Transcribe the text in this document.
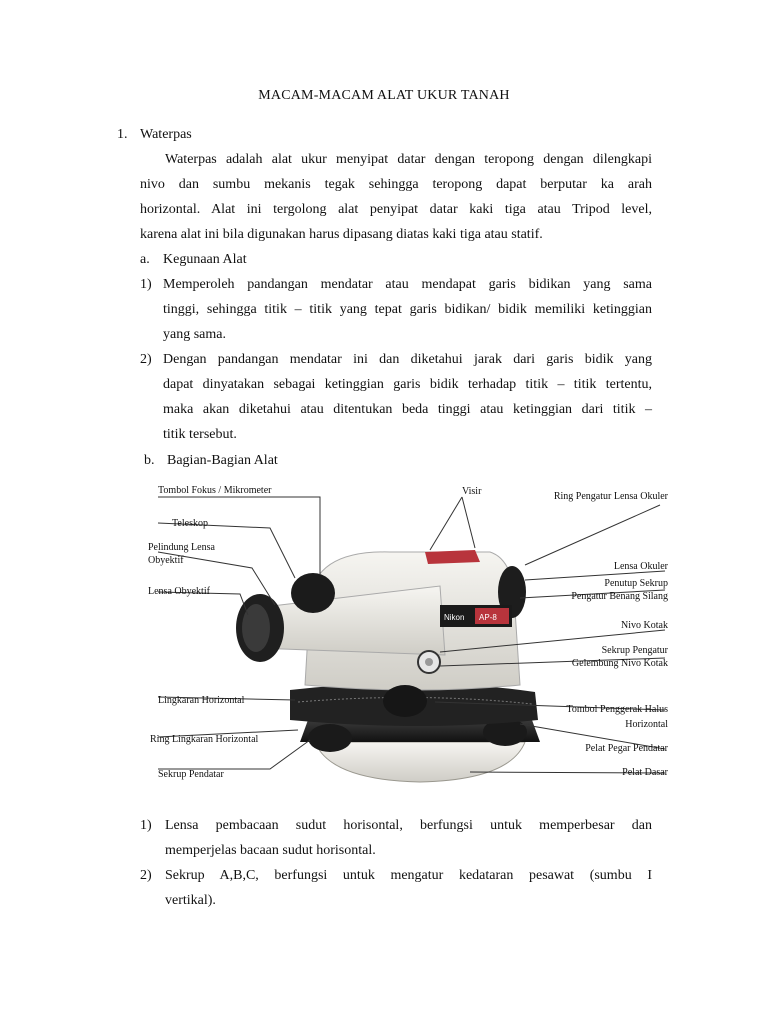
MACAM-MACAM ALAT UKUR TANAH
1. Waterpas
Waterpas adalah alat ukur menyipat datar dengan teropong dengan dilengkapi
nivo dan sumbu mekanis tegak sehingga teropong dapat berputar ka arah
horizontal. Alat ini tergolong alat penyipat datar kaki tiga atau Tripod level,
karena alat ini bila digunakan harus dipasang diatas kaki tiga atau statif.
a. Kegunaan Alat
1) Memperoleh pandangan mendatar atau mendapat garis bidikan yang sama
tinggi, sehingga titik – titik yang tepat garis bidikan/ bidik memiliki ketinggian
yang sama.
2) Dengan pandangan mendatar ini dan diketahui jarak dari garis bidik yang
dapat dinyatakan sebagai ketinggian garis bidik terhadap titik – titik tertentu,
maka akan diketahui atau ditentukan beda tinggi atau ketinggian dari titik –
titik tersebut.
b. Bagian-Bagian Alat
Nikon AP-8
Tombol Fokus / Mikrometer
Teleskop
Pelindung Lensa
Obyektif
Lensa Obyektif
Lingkaran Horizontal
Ring Lingkaran Horizontal
Sekrup Pendatar
Visir	Ring Pengatur Lensa Okuler
Lensa Okuler
Penutup Sekrup
Pengatur Benang Silang
Nivo Kotak
Sekrup Pengatur
Gelembung Nivo Kotak
Tombol Penggerak Halus
Horizontal
Pelat Pegar Pendatar
Pelat Dasar
1) Lensa pembacaan sudut horisontal, berfungsi untuk memperbesar dan
memperjelas bacaan sudut horisontal.
2) Sekrup A,B,C, berfungsi untuk mengatur kedataran pesawat (sumbu I
vertikal).
